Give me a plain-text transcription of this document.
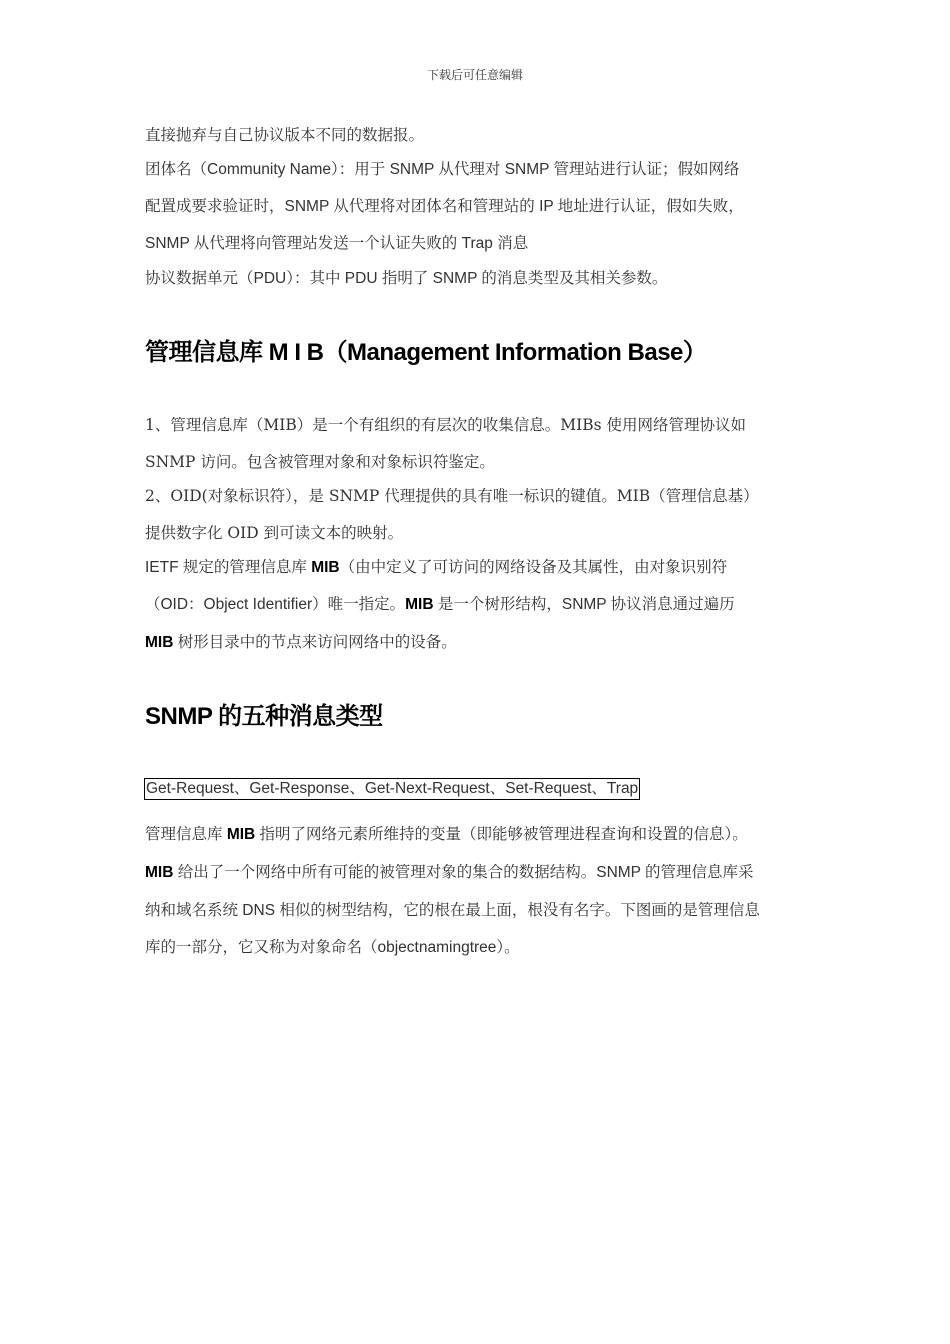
下载后可任意编辑
直接抛弃与自己协议版本不同的数据报。
团体名（Community Name）：用于 SNMP 从代理对 SNMP 管理站进行认证；假如网络
配置成要求验证时，SNMP 从代理将对团体名和管理站的 IP 地址进行认证，假如失败，
SNMP 从代理将向管理站发送一个认证失败的 Trap 消息
协议数据单元（PDU）：其中 PDU 指明了 SNMP 的消息类型及其相关参数。
管理信息库 M I B（Management Information Base）
1、管理信息库（MIB）是一个有组织的有层次的收集信息。MIBs 使用网络管理协议如
SNMP 访问。包含被管理对象和对象标识符鉴定。
2、OID(对象标识符），是 SNMP 代理提供的具有唯一标识的键值。MIB（管理信息基）
提供数字化 OID 到可读文本的映射。
IETF 规定的管理信息库 MIB（由中定义了可访问的网络设备及其属性，由对象识别符
（OID：Object Identifier）唯一指定。MIB 是一个树形结构，SNMP 协议消息通过遍历
MIB 树形目录中的节点来访问网络中的设备。
SNMP 的五种消息类型
Get-Request、Get-Response、Get-Next-Request、Set-Request、Trap
管理信息库 MIB 指明了网络元素所维持的变量（即能够被管理进程查询和设置的信息）。
MIB 给出了一个网络中所有可能的被管理对象的集合的数据结构。SNMP 的管理信息库采
纳和域名系统 DNS 相似的树型结构，它的根在最上面，根没有名字。下图画的是管理信息
库的一部分，它又称为对象命名（objectnamingtree）。
